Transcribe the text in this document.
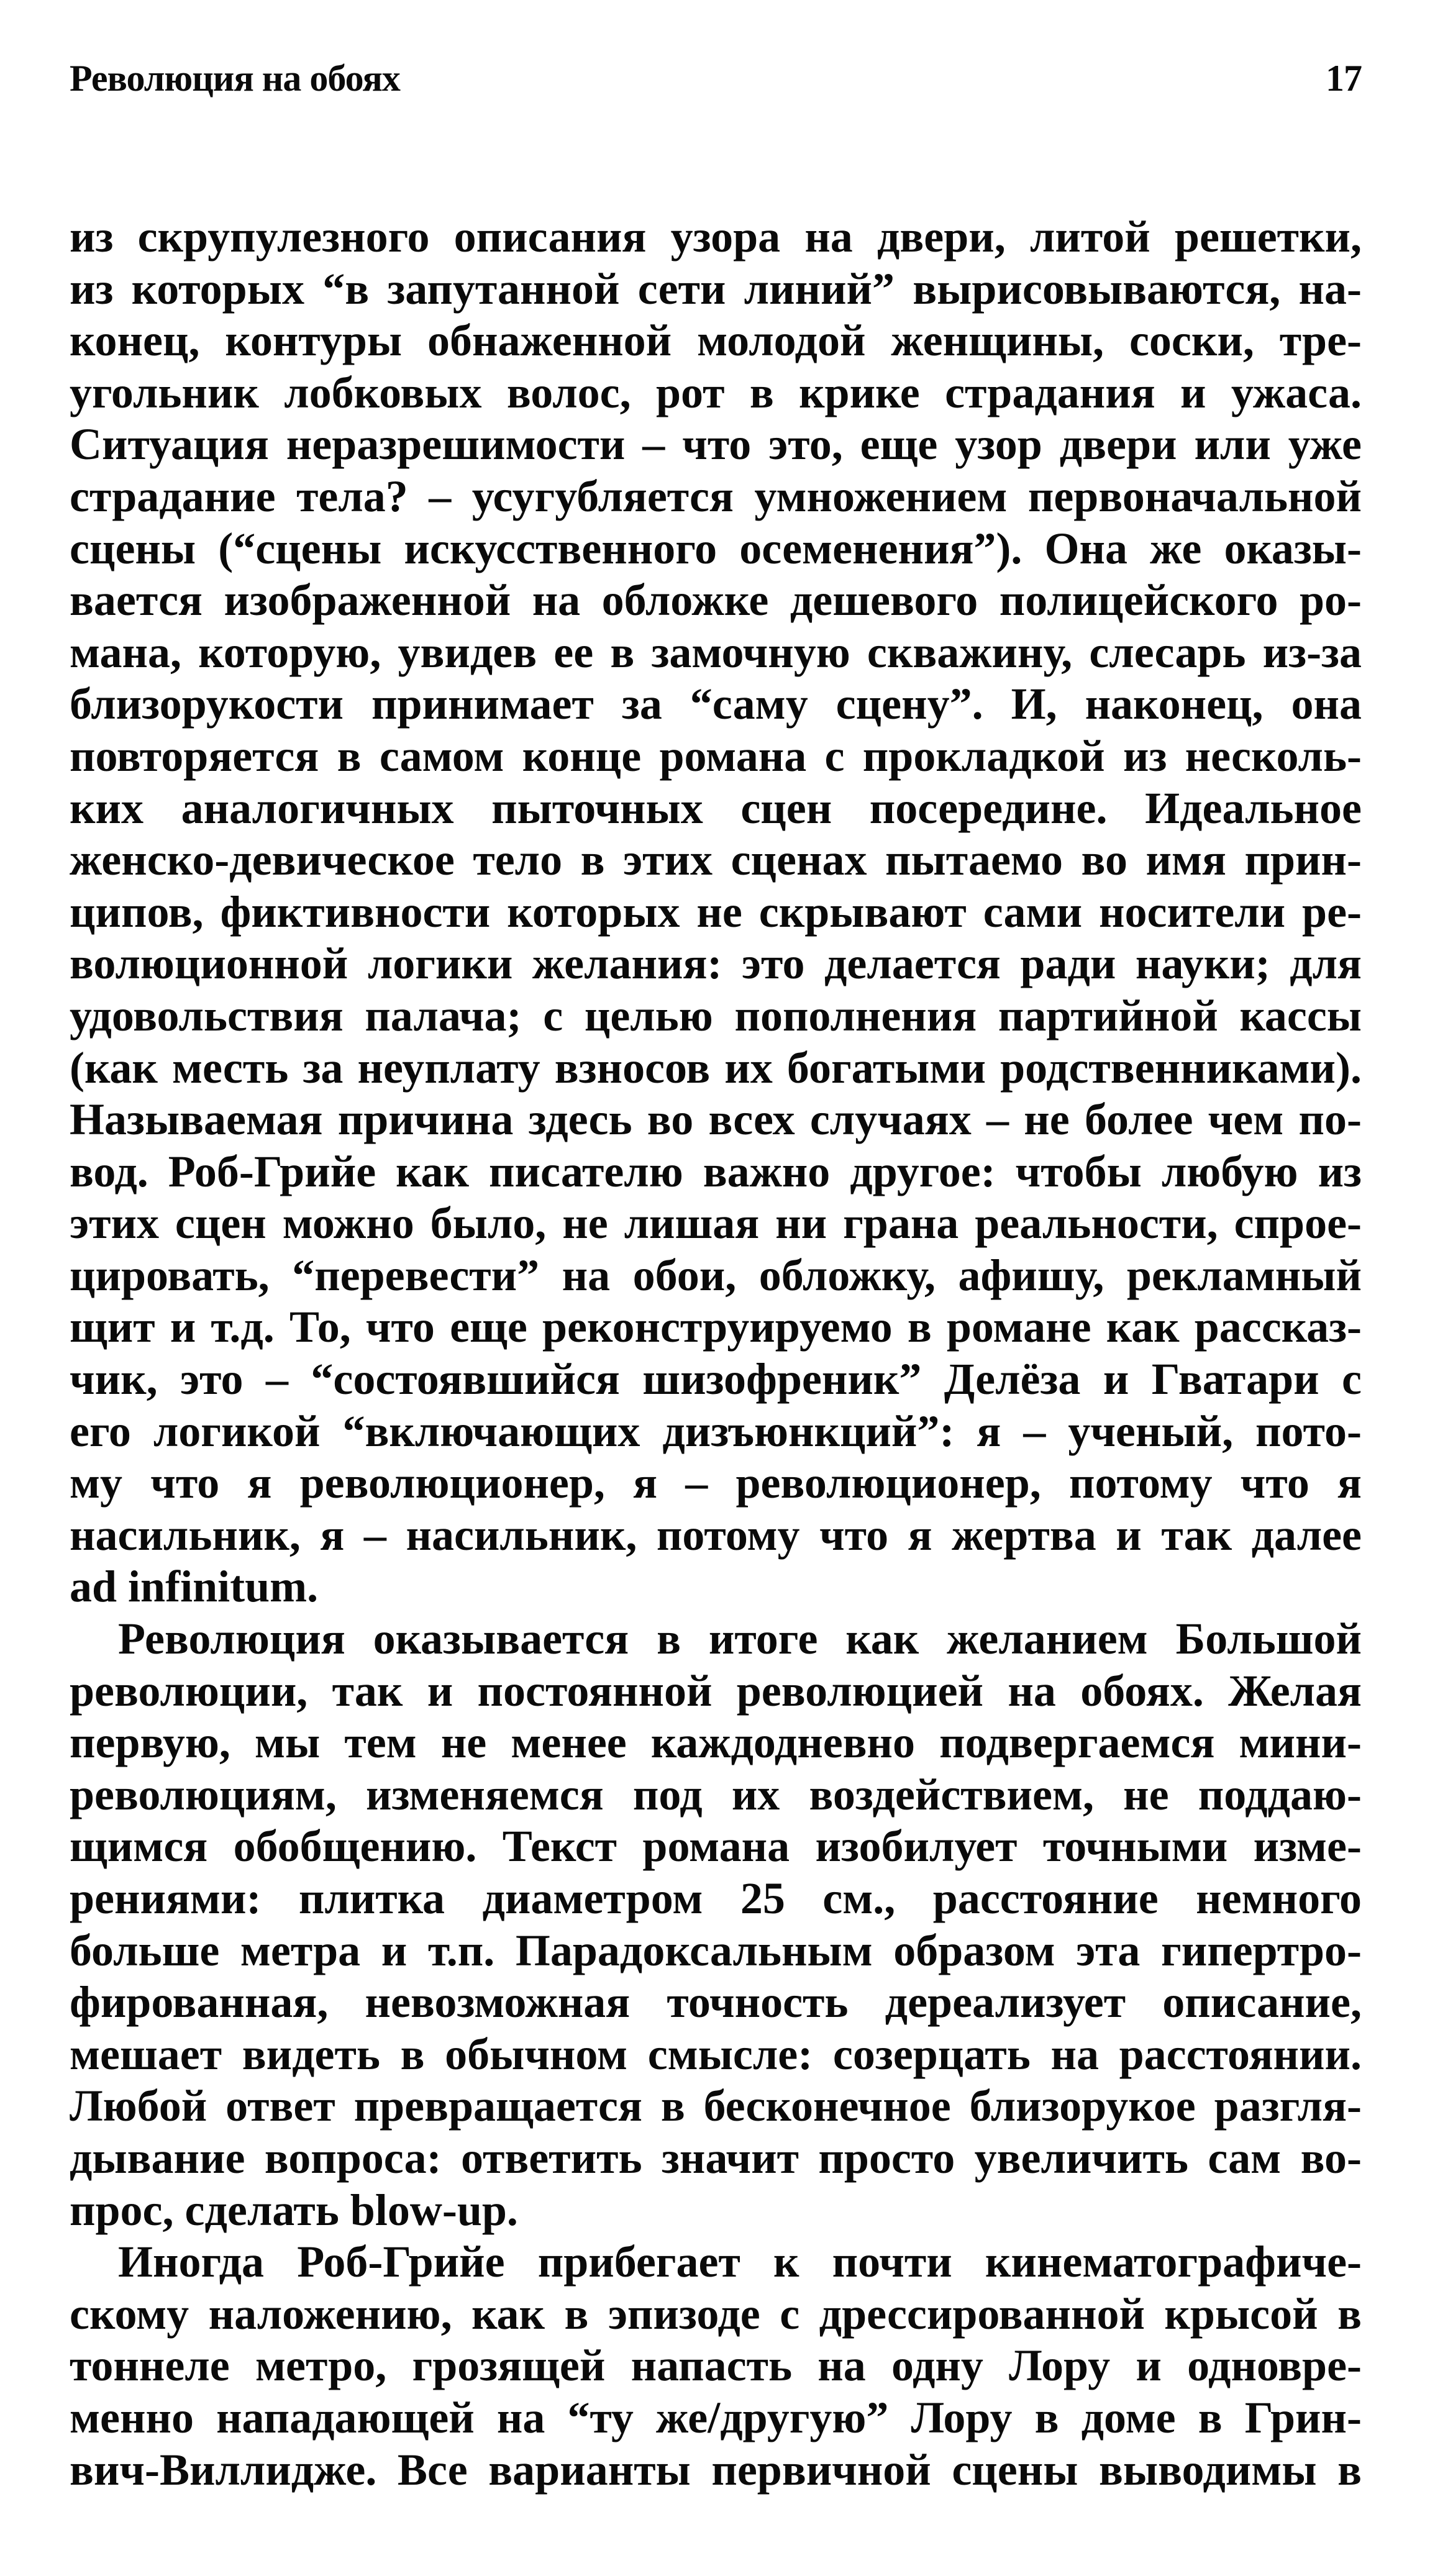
Революция на обоях	17
из скрупулезного описания узора на двери, литой решетки,
из которых “в запутанной сети линий” вырисовываются, на-
конец, контуры обнаженной молодой женщины, соски, тре-
угольник лобковых волос, рот в крике страдания и ужаса.
Ситуация неразрешимости – что это, еще узор двери или уже
страдание тела? – усугубляется умножением первоначальной
сцены (“сцены искусственного осеменения”). Она же оказы-
вается изображенной на обложке дешевого полицейского ро-
мана, которую, увидев ее в замочную скважину, слесарь из-за
близорукости принимает за “саму сцену”. И, наконец, она
повторяется в самом конце романа с прокладкой из несколь-
ких аналогичных пыточных сцен посередине. Идеальное
женско-девическое тело в этих сценах пытаемо во имя прин-
ципов, фиктивности которых не скрывают сами носители ре-
волюционной логики желания: это делается ради науки; для
удовольствия палача; с целью пополнения партийной кассы
(как месть за неуплату взносов их богатыми родственниками).
Называемая причина здесь во всех случаях – не более чем по-
вод. Роб-Грийе как писателю важно другое: чтобы любую из
этих сцен можно было, не лишая ни грана реальности, спрое-
цировать, “перевести” на обои, обложку, афишу, рекламный
щит и т.д. То, что еще реконструируемо в романе как рассказ-
чик, это – “состоявшийся шизофреник” Делёза и Гватари с
его логикой “включающих дизъюнкций”: я – ученый, пото-
му что я революционер, я – революционер, потому что я
насильник, я – насильник, потому что я жертва и так далее
ad infinitum.
Революция оказывается в итоге как желанием Большой
революции, так и постоянной революцией на обоях. Желая
первую, мы тем не менее каждодневно подвергаемся мини-
революциям, изменяемся под их воздействием, не поддаю-
щимся обобщению. Текст романа изобилует точными изме-
рениями: плитка диаметром 25 см., расстояние немного
больше метра и т.п. Парадоксальным образом эта гипертро-
фированная, невозможная точность дереализует описание,
мешает видеть в обычном смысле: созерцать на расстоянии.
Любой ответ превращается в бесконечное близорукое разгля-
дывание вопроса: ответить значит просто увеличить сам во-
прос, сделать blow-up.
Иногда Роб-Грийе прибегает к почти кинематографиче-
скому наложению, как в эпизоде с дрессированной крысой в
тоннеле метро, грозящей напасть на одну Лору и одновре-
менно нападающей на “ту же/другую” Лору в доме в Грин-
вич-Виллидже. Все варианты первичной сцены выводимы в
